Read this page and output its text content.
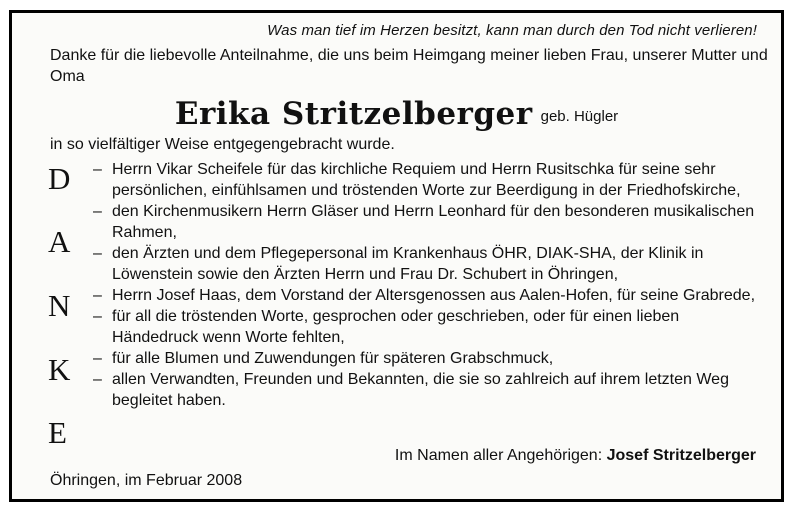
Was man tief im Herzen besitzt, kann man durch den Tod nicht verlieren!
Danke für die liebevolle Anteilnahme, die uns beim Heimgang meiner lieben Frau, unserer Mutter und Oma
Erika Stritzelberger geb. Hügler
in so vielfältiger Weise entgegengebracht wurde.
D
A
N
K
E
– Herrn Vikar Scheifele für das kirchliche Requiem und Herrn Rusitschka für seine sehr persönlichen, einfühlsamen und tröstenden Worte zur Beerdigung in der Friedhofskirche,
– den Kirchenmusikern Herrn Gläser und Herrn Leonhard für den besonderen musikalischen Rahmen,
– den Ärzten und dem Pflegepersonal im Krankenhaus ÖHR, DIAK-SHA, der Klinik in Löwenstein sowie den Ärzten Herrn und Frau Dr. Schubert in Öhringen,
– Herrn Josef Haas, dem Vorstand der Altersgenossen aus Aalen-Hofen, für seine Grabrede,
– für all die tröstenden Worte, gesprochen oder geschrieben, oder für einen lieben Händedruck wenn Worte fehlten,
– für alle Blumen und Zuwendungen für späteren Grabschmuck,
– allen Verwandten, Freunden und Bekannten, die sie so zahlreich auf ihrem letzten Weg begleitet haben.
Im Namen aller Angehörigen: Josef Stritzelberger
Öhringen, im Februar 2008
